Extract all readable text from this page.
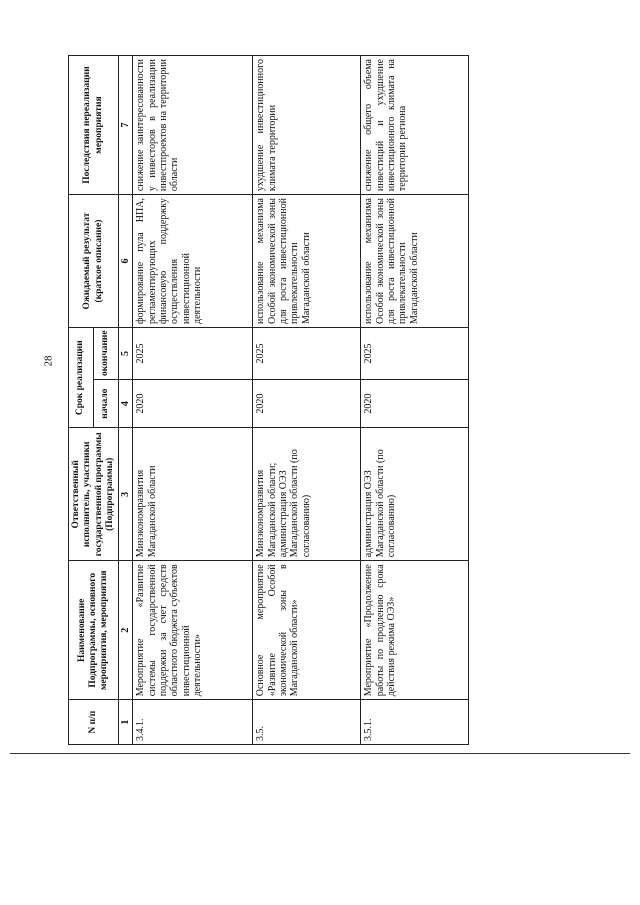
28
N п/п	Наименование Подпрограммы, основного мероприятия, мероприятия	Ответственный исполнитель, участники государственной программы (Подпрограммы)	Срок реализации		Ожидаемый результат (краткое описание)	Последствия нереализации мероприятия
			начало	окончание		
1	2	3	4	5	6	7
3.4.1.	Мероприятие «Развитие системы государственной поддержки за счет средств областного бюджета субъектов инвестиционной деятельности»	Минэкономразвития Магаданской области	2020	2025	формирование пула НПА, регламентирующих финансовую поддержку осуществления инвестиционной деятельности	снижение заинтересованности у инвесторов в реализации инвестпроектов на территории области
3.5.	Основное мероприятие «Развитие Особой экономической зоны в Магаданской области»	Минэкономразвития Магаданской области; администрация ОЭЗ Магаданской области (по согласованию)	2020	2025	использование механизма Особой экономической зоны для роста инвестиционной привлекательности Магаданской области	ухудшение инвестиционного климата территории
3.5.1.	Мероприятие «Продолжение работы по продлению срока действия режима ОЭЗ»	администрация ОЭЗ Магаданской области (по согласованию)	2020	2025	использование механизма Особой экономической зоны для роста инвестиционной привлекательности Магаданской области	снижение общего объема инвестиций и ухудшение инвестиционного климата на территории региона
